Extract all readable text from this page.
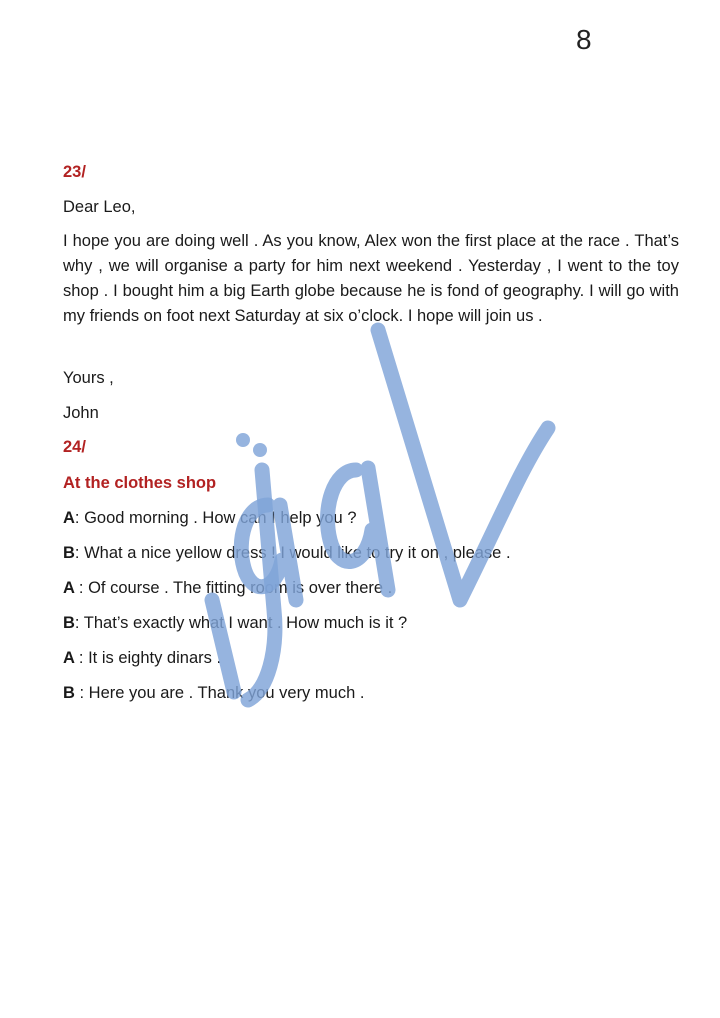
8
23/
Dear Leo,

I hope you are doing well . As you know, Alex won the first place at the race . That’s why , we will organise a party for him next weekend . Yesterday , I went to the toy shop . I bought him a big Earth globe because he is fond of geography. I will go with my friends on foot next Saturday at six o’clock. I hope will join us .

Yours ,
John
24/
At the clothes shop
A: Good morning . How can I help you ?
B: What a nice yellow dress ! I would like to try it on , please .
A : Of course . The fitting room is over there .
B: That’s exactly what I want . How much is it ?
A : It is eighty dinars .
B : Here you are . Thank you very much .
